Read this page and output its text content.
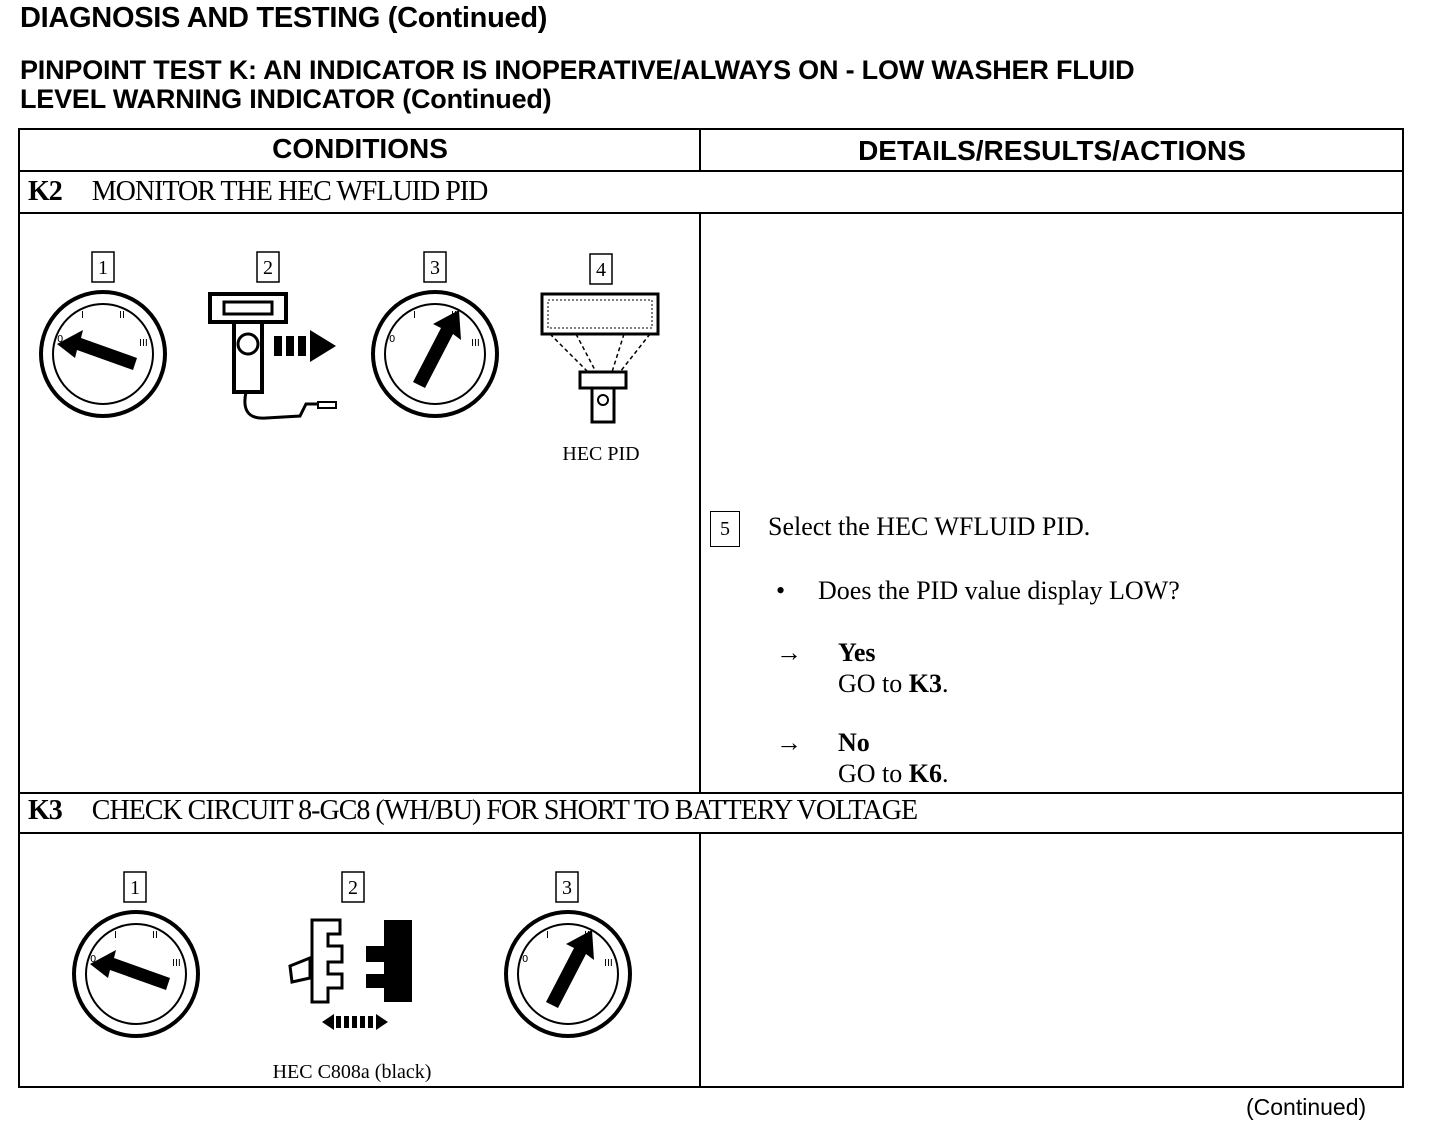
DIAGNOSIS AND TESTING (Continued)
PINPOINT TEST K: AN INDICATOR IS INOPERATIVE/ALWAYS ON - LOW WASHER FLUID
LEVEL WARNING INDICATOR (Continued)
CONDITIONS	DETAILS/RESULTS/ACTIONS
K2 MONITOR THE HEC WFLUID PID
1	2	3	4
0
I	II
III	0
I
III
HEC PID
5 Select the HEC WFLUID PID.
• Does the PID value display LOW?
→ Yes
GO to K3.
→ No
GO to K6.
K3 CHECK CIRCUIT 8-GC8 (WH/BU) FOR SHORT TO BATTERY VOLTAGE
1	2	3
0
I	II
III	0
I
III
HEC C808a (black)
(Continued)
